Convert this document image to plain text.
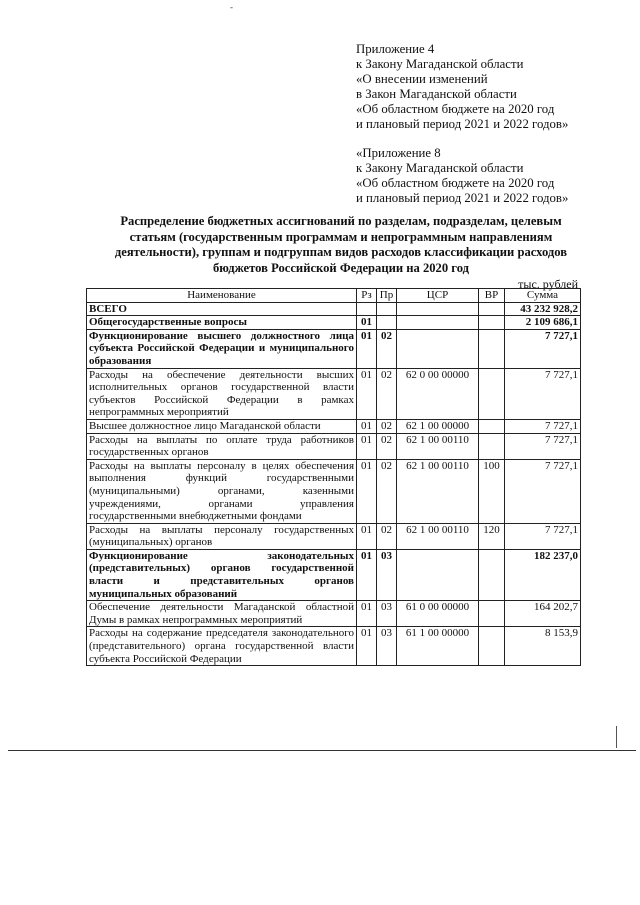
-
Приложение 4
к Закону Магаданской области
«О внесении изменений
в Закон Магаданской области
«Об областном бюджете на 2020 год
и плановый период 2021 и 2022 годов»
«Приложение 8
к Закону Магаданской области
«Об областном бюджете на 2020 год
и плановый период 2021 и 2022 годов»
Распределение бюджетных ассигнований по разделам, подразделам, целевым статьям (государственным программам и непрограммным направлениям деятельности), группам и подгруппам видов расходов классификации расходов бюджетов Российской Федерации на 2020 год
тыс. рублей
Наименование	Рз	Пр	ЦСР	ВР	Сумма
ВСЕГО					43 232 928,2
Общегосударственные вопросы	01				2 109 686,1
Функционирование высшего должностного лица субъекта Российской Федерации и муниципального образования	01	02			7 727,1
Расходы на обеспечение деятельности высших исполнительных органов государственной власти субъектов Российской Федерации в рамках непрограммных мероприятий	01	02	62 0 00 00000		7 727,1
Высшее должностное лицо Магаданской области	01	02	62 1 00 00000		7 727,1
Расходы на выплаты по оплате труда работников государственных органов	01	02	62 1 00 00110		7 727,1
Расходы на выплаты персоналу в целях обеспечения выполнения функций государственными (муниципальными) органами, казенными учреждениями, органами управления государственными внебюджетными фондами	01	02	62 1 00 00110	100	7 727,1
Расходы на выплаты персоналу государственных (муниципальных) органов	01	02	62 1 00 00110	120	7 727,1
Функционирование законодательных (представительных) органов государственной власти и представительных органов муниципальных образований	01	03			182 237,0
Обеспечение деятельности Магаданской областной Думы в рамках непрограммных мероприятий	01	03	61 0 00 00000		164 202,7
Расходы на содержание председателя законодательного (представительного) органа государственной власти субъекта Российской Федерации	01	03	61 1 00 00000		8 153,9
